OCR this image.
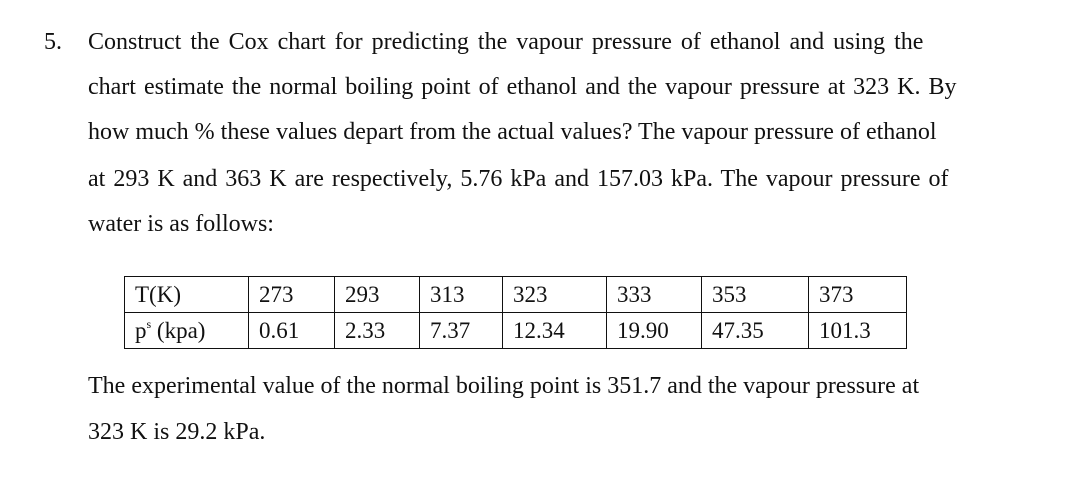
5. Construct the Cox chart for predicting the vapour pressure of ethanol and using the
chart estimate the normal boiling point of ethanol and the vapour pressure at 323 K. By
how much % these values depart from the actual values? The vapour pressure of ethanol
at 293 K and 363 K are respectively, 5.76 kPa and 157.03 kPa. The vapour pressure of
water is as follows:
T(K)	273	293	313	323	333	353	373
$p^s$ (kpa)	0.61	2.33	7.37	12.34	19.90	47.35	101.3
The experimental value of the normal boiling point is 351.7 and the vapour pressure at
323 K is 29.2 kPa.
